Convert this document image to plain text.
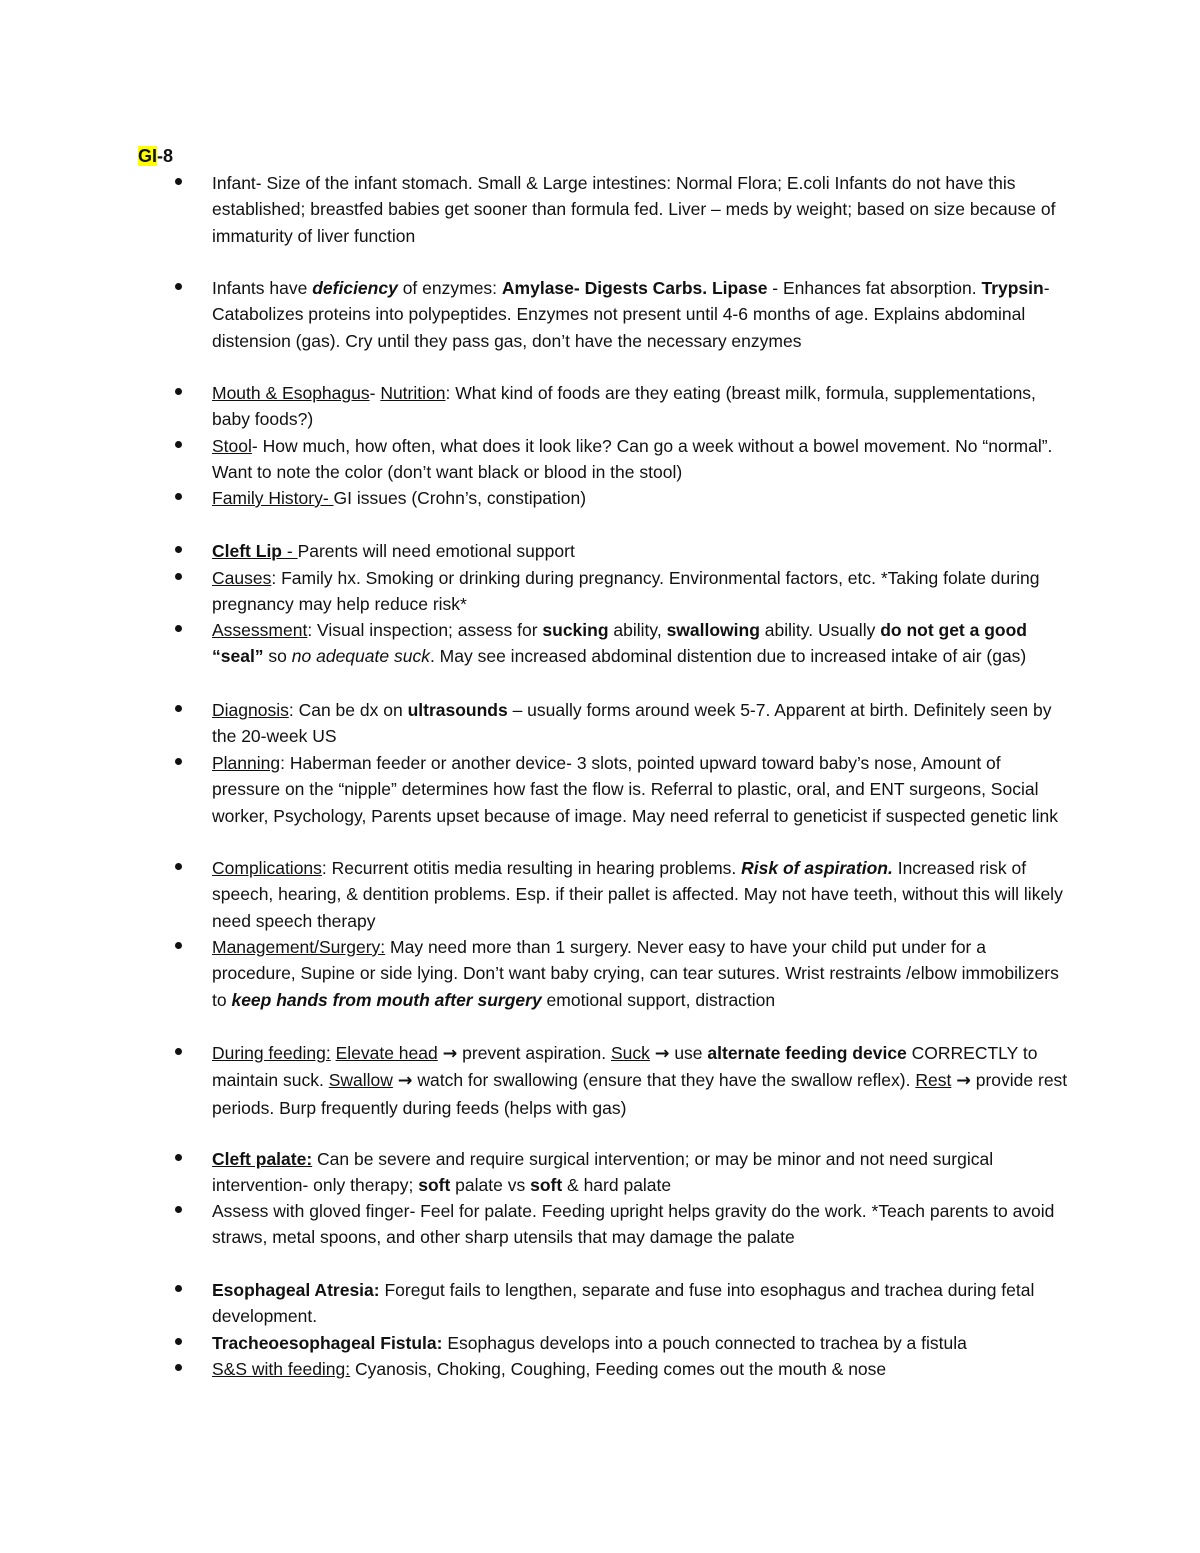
GI-8

Infant- Size of the infant stomach. Small & Large intestines: Normal Flora; E.coli Infants do not have this established; breastfed babies get sooner than formula fed. Liver – meds by weight; based on size because of immaturity of liver function

Infants have deficiency of enzymes: Amylase- Digests Carbs. Lipase - Enhances fat absorption. Trypsin- Catabolizes proteins into polypeptides. Enzymes not present until 4-6 months of age. Explains abdominal distension (gas). Cry until they pass gas, don’t have the necessary enzymes

Mouth & Esophagus- Nutrition: What kind of foods are they eating (breast milk, formula, supplementations, baby foods?)

Stool- How much, how often, what does it look like? Can go a week without a bowel movement. No “normal”. Want to note the color (don’t want black or blood in the stool)

Family History- GI issues (Crohn’s, constipation)

Cleft Lip - Parents will need emotional support

Causes: Family hx. Smoking or drinking during pregnancy. Environmental factors, etc. *Taking folate during pregnancy may help reduce risk*

Assessment: Visual inspection; assess for sucking ability, swallowing ability. Usually do not get a good “seal” so no adequate suck. May see increased abdominal distention due to increased intake of air (gas)

Diagnosis: Can be dx on ultrasounds – usually forms around week 5-7. Apparent at birth. Definitely seen by the 20-week US

Planning: Haberman feeder or another device- 3 slots, pointed upward toward baby’s nose, Amount of pressure on the “nipple” determines how fast the flow is. Referral to plastic, oral, and ENT surgeons, Social worker, Psychology, Parents upset because of image. May need referral to geneticist if suspected genetic link

Complications: Recurrent otitis media resulting in hearing problems. Risk of aspiration. Increased risk of speech, hearing, & dentition problems. Esp. if their pallet is affected. May not have teeth, without this will likely need speech therapy

Management/Surgery: May need more than 1 surgery. Never easy to have your child put under for a procedure, Supine or side lying. Don’t want baby crying, can tear sutures. Wrist restraints /elbow immobilizers to keep hands from mouth after surgery emotional support, distraction

During feeding: Elevate head → prevent aspiration. Suck → use alternate feeding device CORRECTLY to maintain suck. Swallow → watch for swallowing (ensure that they have the swallow reflex). Rest → provide rest periods. Burp frequently during feeds (helps with gas)

Cleft palate: Can be severe and require surgical intervention; or may be minor and not need surgical intervention- only therapy; soft palate vs soft & hard palate

Assess with gloved finger- Feel for palate. Feeding upright helps gravity do the work. *Teach parents to avoid straws, metal spoons, and other sharp utensils that may damage the palate

Esophageal Atresia: Foregut fails to lengthen, separate and fuse into esophagus and trachea during fetal development.

Tracheoesophageal Fistula: Esophagus develops into a pouch connected to trachea by a fistula

S&S with feeding: Cyanosis, Choking, Coughing, Feeding comes out the mouth & nose
